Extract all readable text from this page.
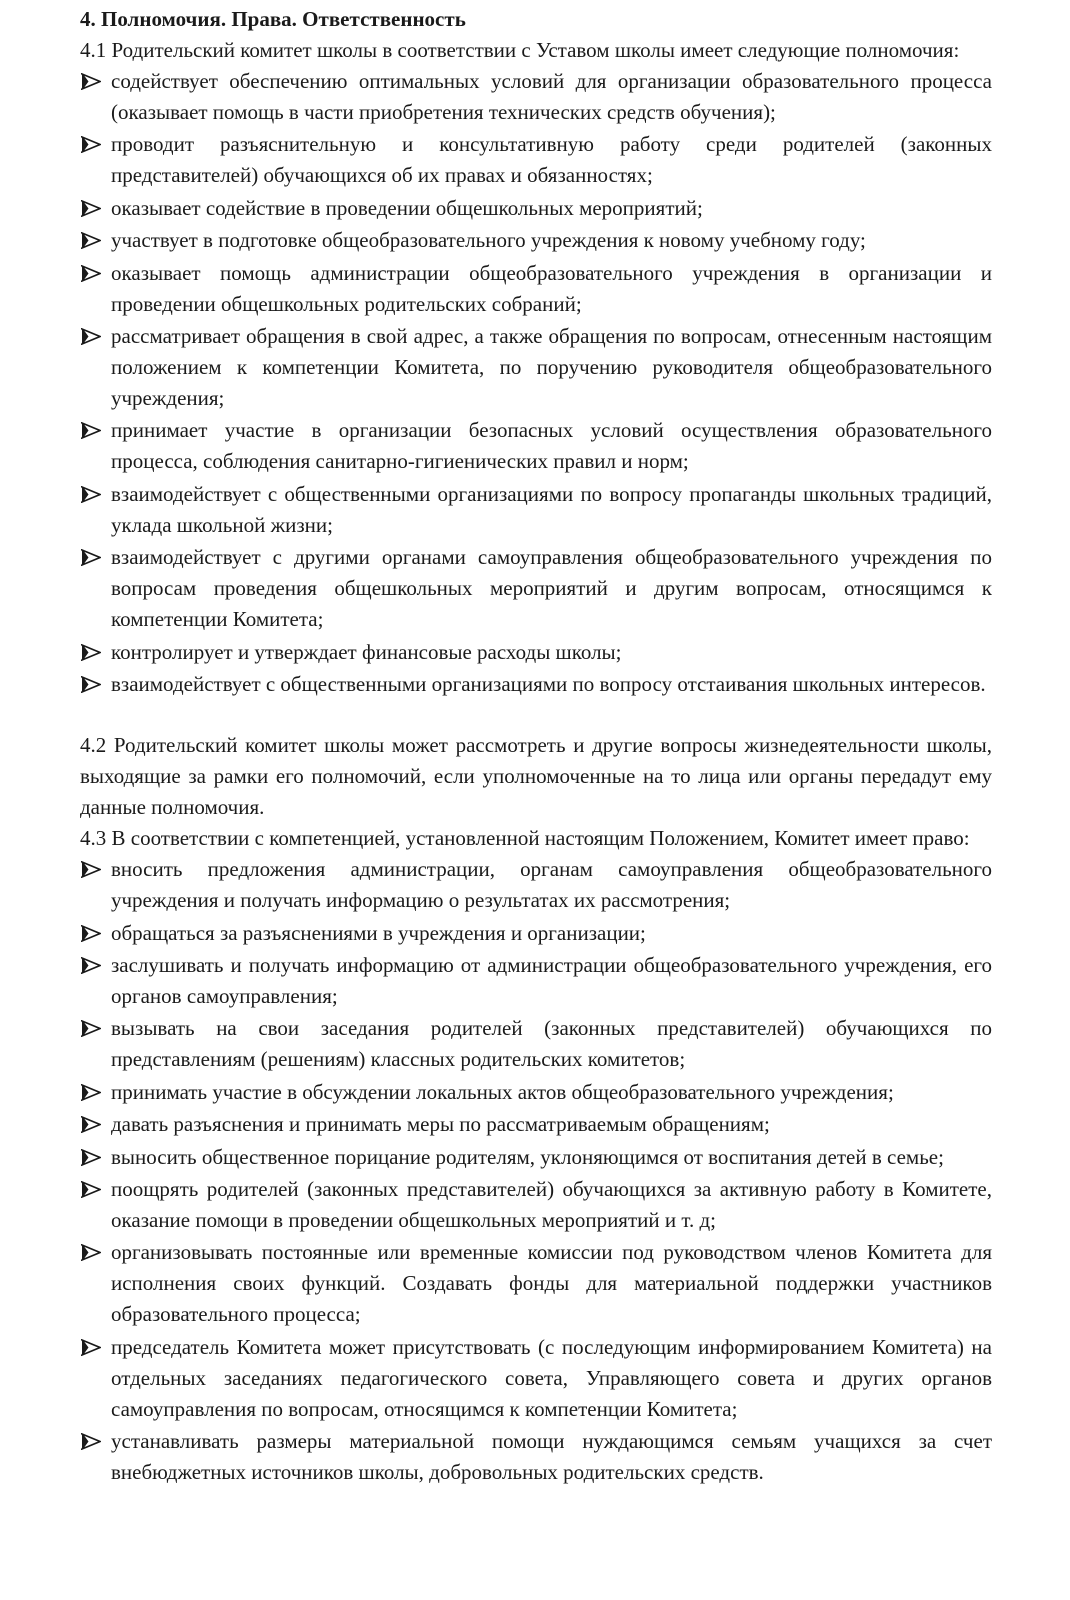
4. Полномочия. Права. Ответственность

4.1 Родительский комитет школы в соответствии с Уставом школы имеет следующие полномочия:

содействует обеспечению оптимальных условий для организации образовательного процесса (оказывает помощь в части приобретения технических средств обучения);
проводит разъяснительную и консультативную работу среди родителей (законных представителей) обучающихся об их правах и обязанностях;
оказывает содействие в проведении общешкольных мероприятий;
участвует в подготовке общеобразовательного учреждения к новому учебному году;
оказывает помощь администрации общеобразовательного учреждения в организации и проведении общешкольных родительских собраний;
рассматривает обращения в свой адрес, а также обращения по вопросам, отнесенным настоящим положением к компетенции Комитета, по поручению руководителя общеобразовательного учреждения;
принимает участие в организации безопасных условий осуществления образовательного процесса, соблюдения санитарно-гигиенических правил и норм;
взаимодействует с общественными организациями по вопросу пропаганды школьных традиций, уклада школьной жизни;
взаимодействует с другими органами самоуправления общеобразовательного учреждения по вопросам проведения общешкольных мероприятий и другим вопросам, относящимся к компетенции Комитета;
контролирует и утверждает финансовые расходы школы;
взаимодействует с общественными организациями по вопросу отстаивания школьных интересов.

4.2 Родительский комитет школы может рассмотреть и другие вопросы жизнедеятельности школы, выходящие за рамки его полномочий, если уполномоченные на то лица или органы передадут ему данные полномочия.

4.3 В соответствии с компетенцией, установленной настоящим Положением, Комитет имеет право:

вносить предложения администрации, органам самоуправления общеобразовательного учреждения и получать информацию о результатах их рассмотрения;
обращаться за разъяснениями в учреждения и организации;
заслушивать и получать информацию от администрации общеобразовательного учреждения, его органов самоуправления;
вызывать на свои заседания родителей (законных представителей) обучающихся по представлениям (решениям) классных родительских комитетов;
принимать участие в обсуждении локальных актов общеобразовательного учреждения;
давать разъяснения и принимать меры по рассматриваемым обращениям;
выносить общественное порицание родителям, уклоняющимся от воспитания детей в семье;
поощрять родителей (законных представителей) обучающихся за активную работу в Комитете, оказание помощи в проведении общешкольных мероприятий и т. д;
организовывать постоянные или временные комиссии под руководством членов Комитета для исполнения своих функций. Создавать фонды для материальной поддержки участников образовательного процесса;
председатель Комитета может присутствовать (с последующим информированием Комитета) на отдельных заседаниях педагогического совета, Управляющего совета и других органов самоуправления по вопросам, относящимся к компетенции Комитета;
устанавливать размеры материальной помощи нуждающимся семьям учащихся за счет внебюджетных источников школы, добровольных родительских средств.
